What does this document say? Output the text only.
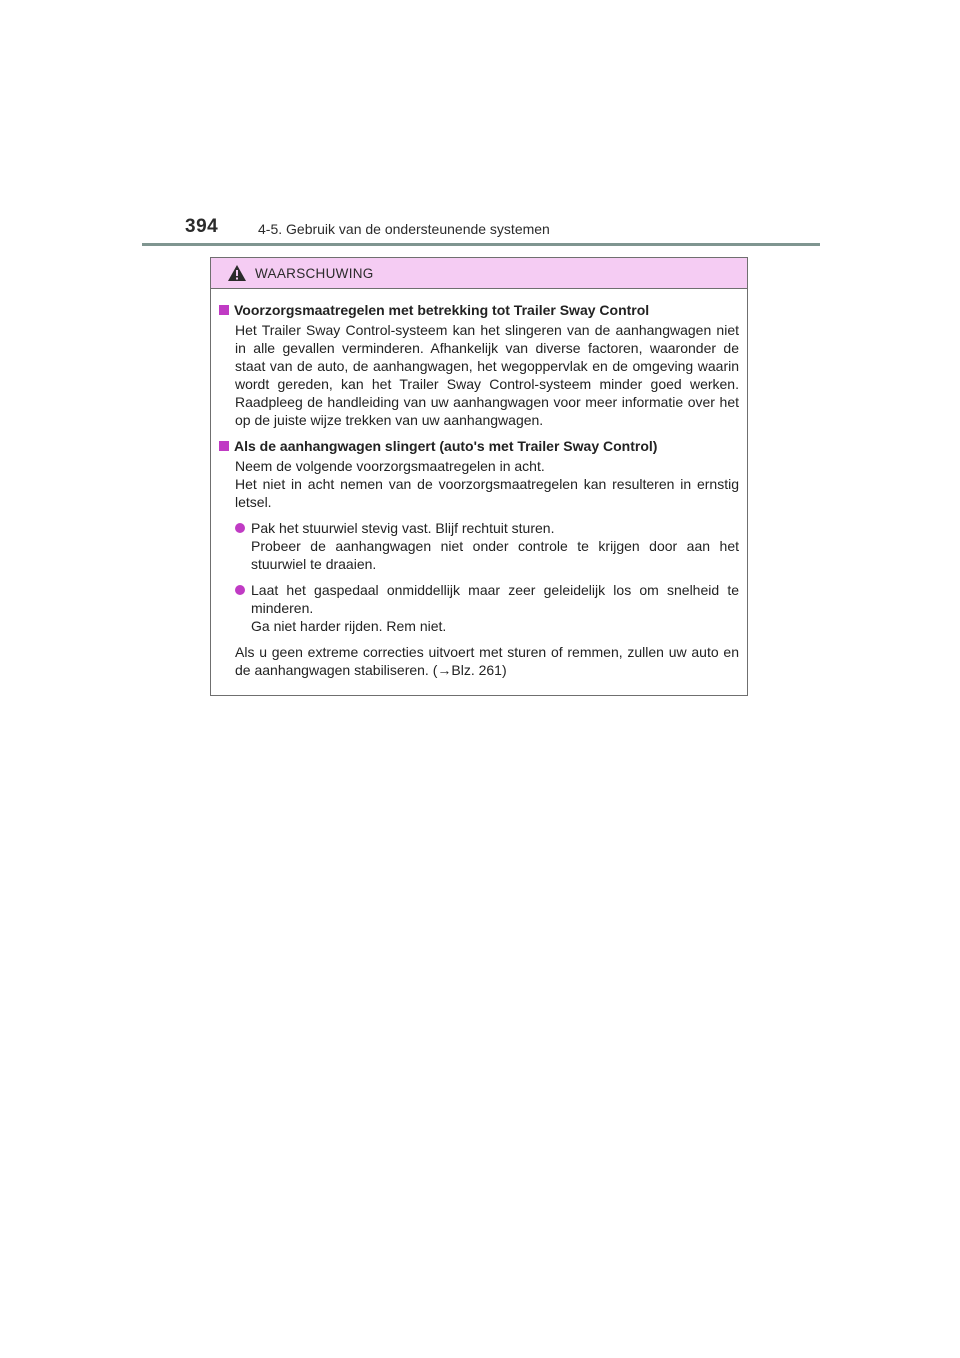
394	4-5. Gebruik van de ondersteunende systemen
WAARSCHUWING
Voorzorgsmaatregelen met betrekking tot Trailer Sway Control

Het Trailer Sway Control-systeem kan het slingeren van de aanhangwagen niet in alle gevallen verminderen. Afhankelijk van diverse factoren, waaronder de staat van de auto, de aanhangwagen, het wegoppervlak en de omgeving waarin wordt gereden, kan het Trailer Sway Control-systeem minder goed werken. Raadpleeg de handleiding van uw aanhangwagen voor meer informatie over het op de juiste wijze trekken van uw aanhangwagen.

Als de aanhangwagen slingert (auto's met Trailer Sway Control)
Neem de volgende voorzorgsmaatregelen in acht.
Het niet in acht nemen van de voorzorgsmaatregelen kan resulteren in ernstig letsel.
Pak het stuurwiel stevig vast. Blijf rechtuit sturen.
Probeer de aanhangwagen niet onder controle te krijgen door aan het stuurwiel te draaien.
Laat het gaspedaal onmiddellijk maar zeer geleidelijk los om snelheid te minderen.
Ga niet harder rijden. Rem niet.
Als u geen extreme correcties uitvoert met sturen of remmen, zullen uw auto en de aanhangwagen stabiliseren. (→Blz. 261)
